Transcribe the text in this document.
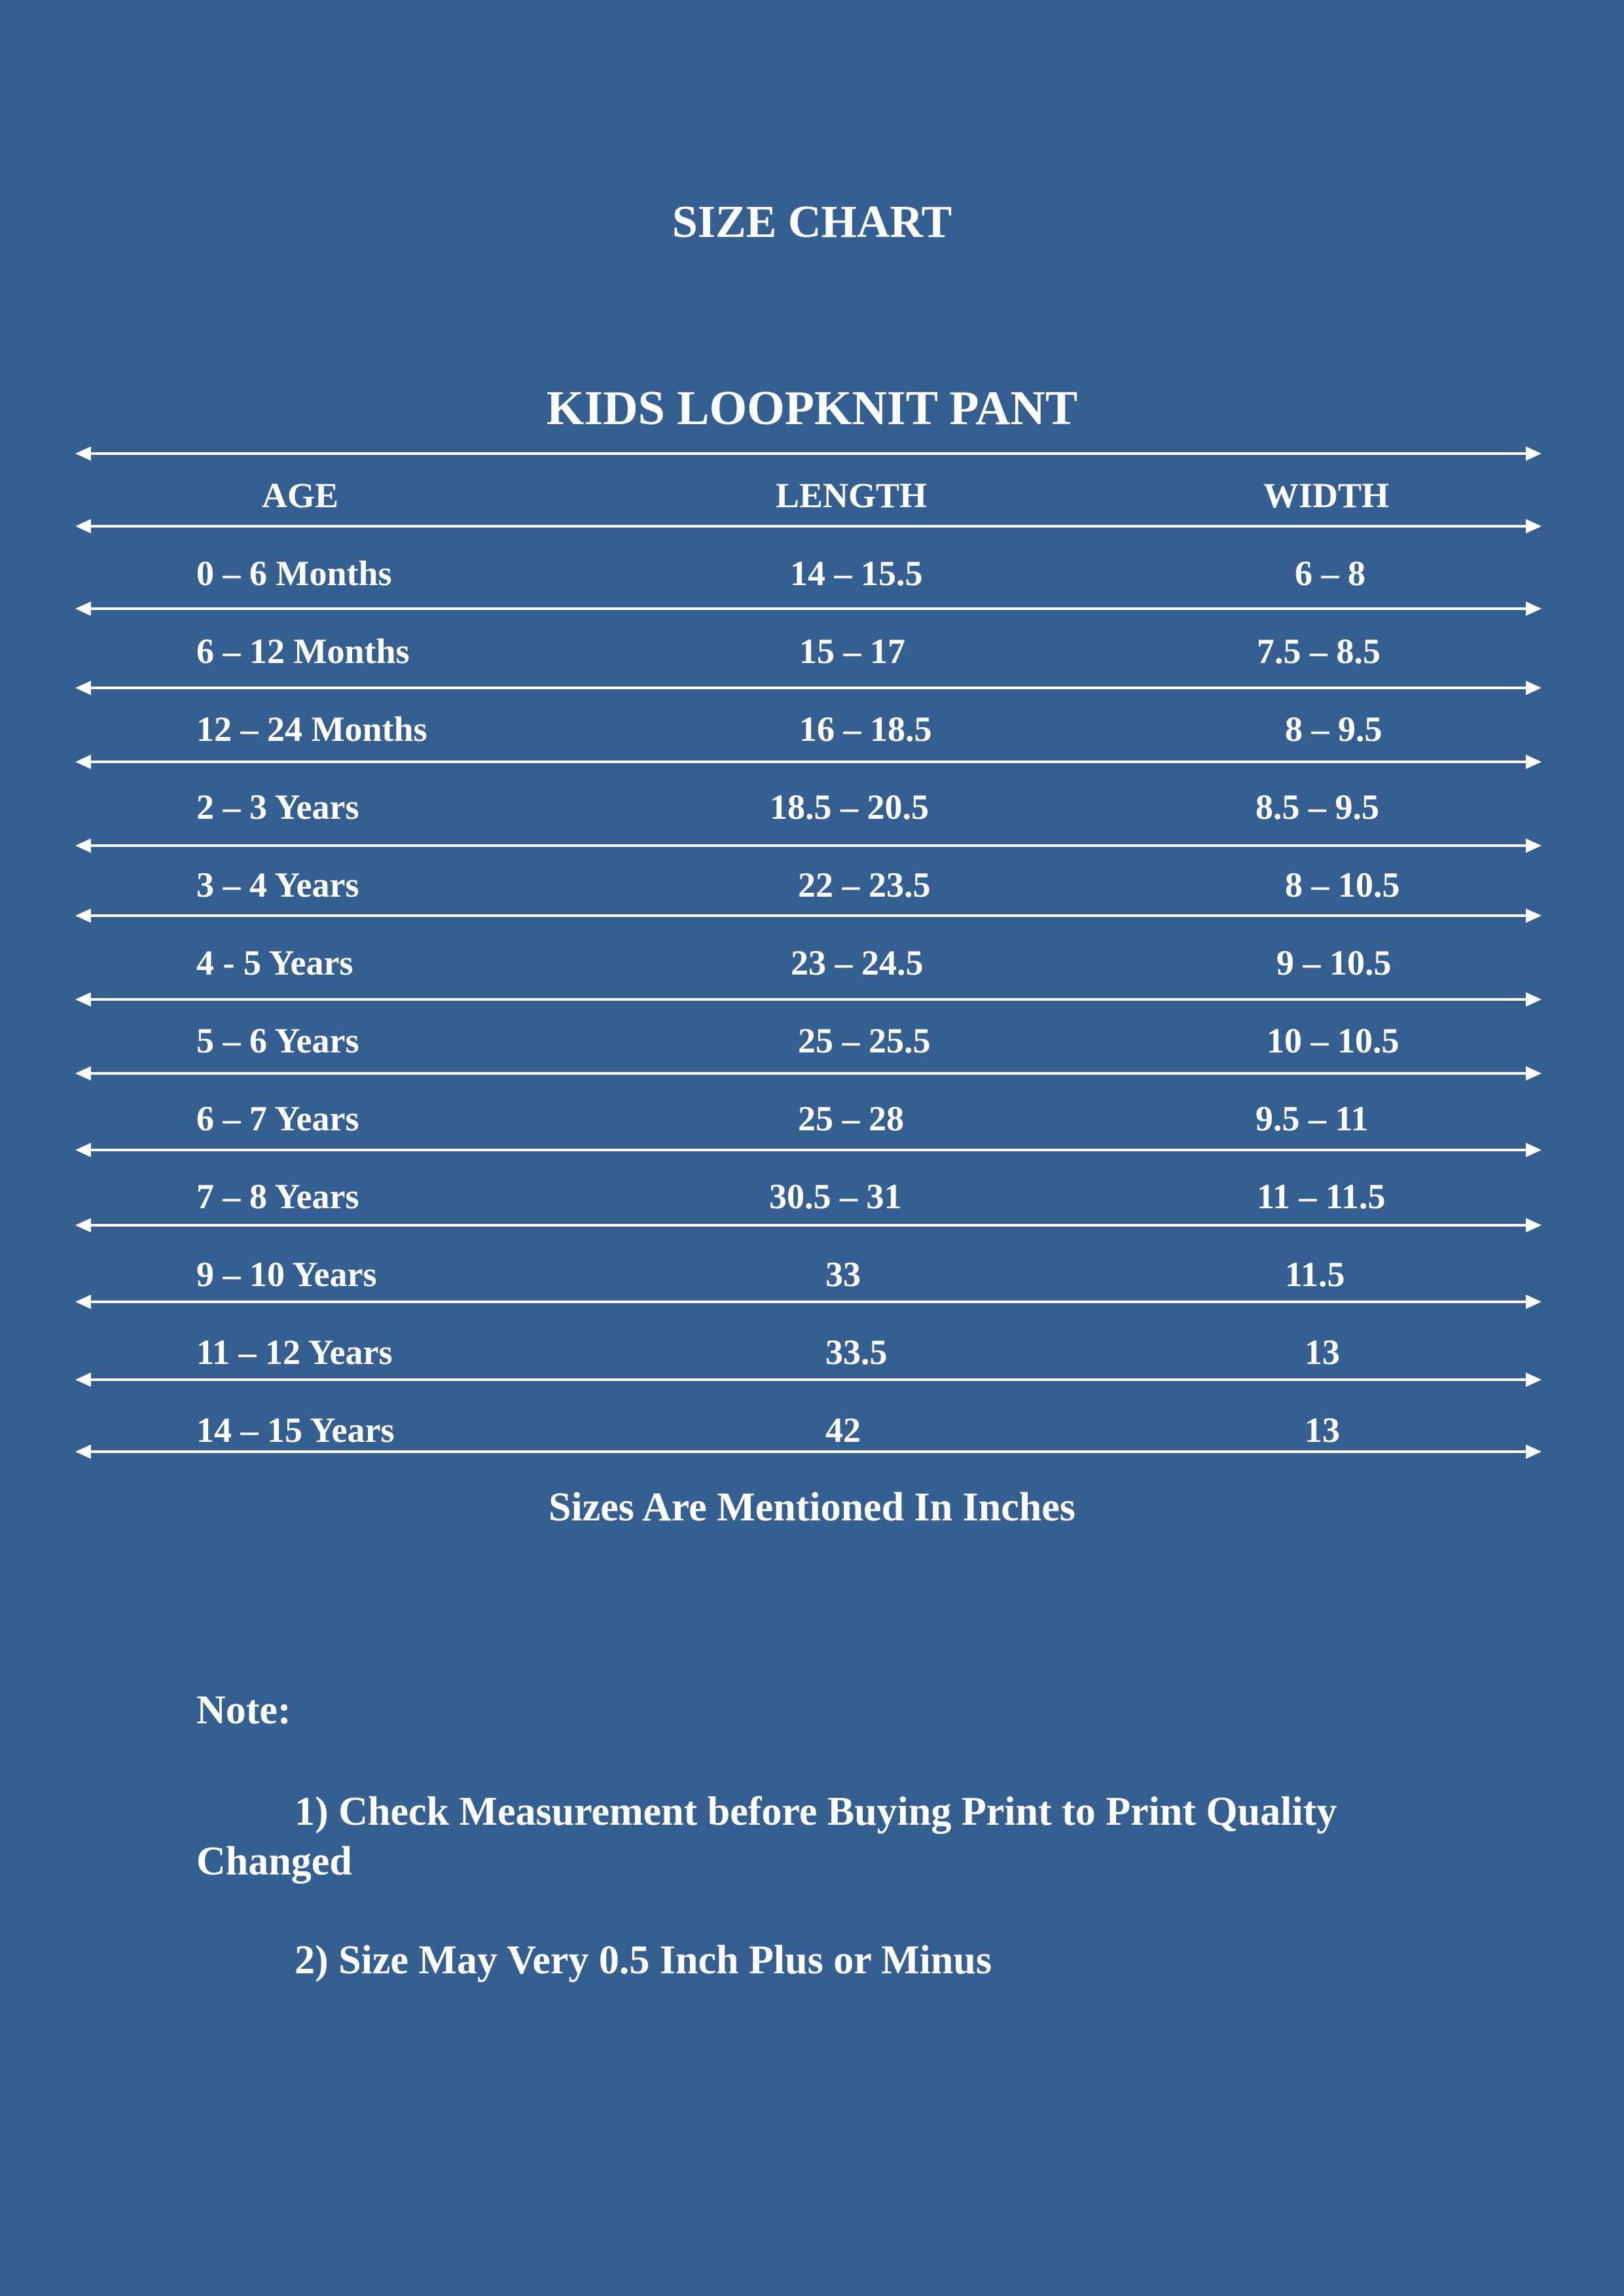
SIZE CHART
KIDS LOOPKNIT PANT
AGE	LENGTH	WIDTH
0 – 6 Months	14 – 15.5	6 – 8
6 – 12 Months	15 – 17	7.5 – 8.5
12 – 24 Months	16 – 18.5	8 – 9.5
2 – 3 Years	18.5 – 20.5	8.5 – 9.5
3 – 4 Years	22 – 23.5	8 – 10.5
4 - 5 Years	23 – 24.5	9 – 10.5
5 – 6 Years	25 – 25.5	10 – 10.5
6 – 7 Years	25 – 28	9.5 – 11
7 – 8 Years	30.5 – 31	11 – 11.5
9 – 10 Years	33	11.5
11 – 12 Years	33.5	13
14 – 15 Years	42	13
Sizes Are Mentioned In Inches
Note:
1) Check Measurement before Buying Print to Print Quality Changed
2) Size May Very 0.5 Inch Plus or Minus
